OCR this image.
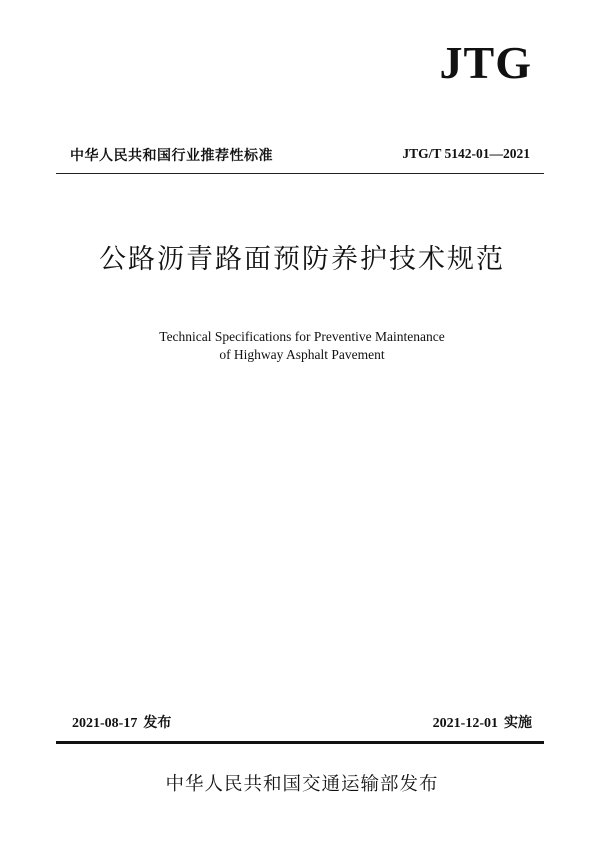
JTG
中华人民共和国行业推荐性标准	JTG/T 5142-01—2021
公路沥青路面预防养护技术规范
Technical Specifications for Preventive Maintenance
of Highway Asphalt Pavement
2021-08-17 发布	2021-12-01 实施
中华人民共和国交通运输部发布
